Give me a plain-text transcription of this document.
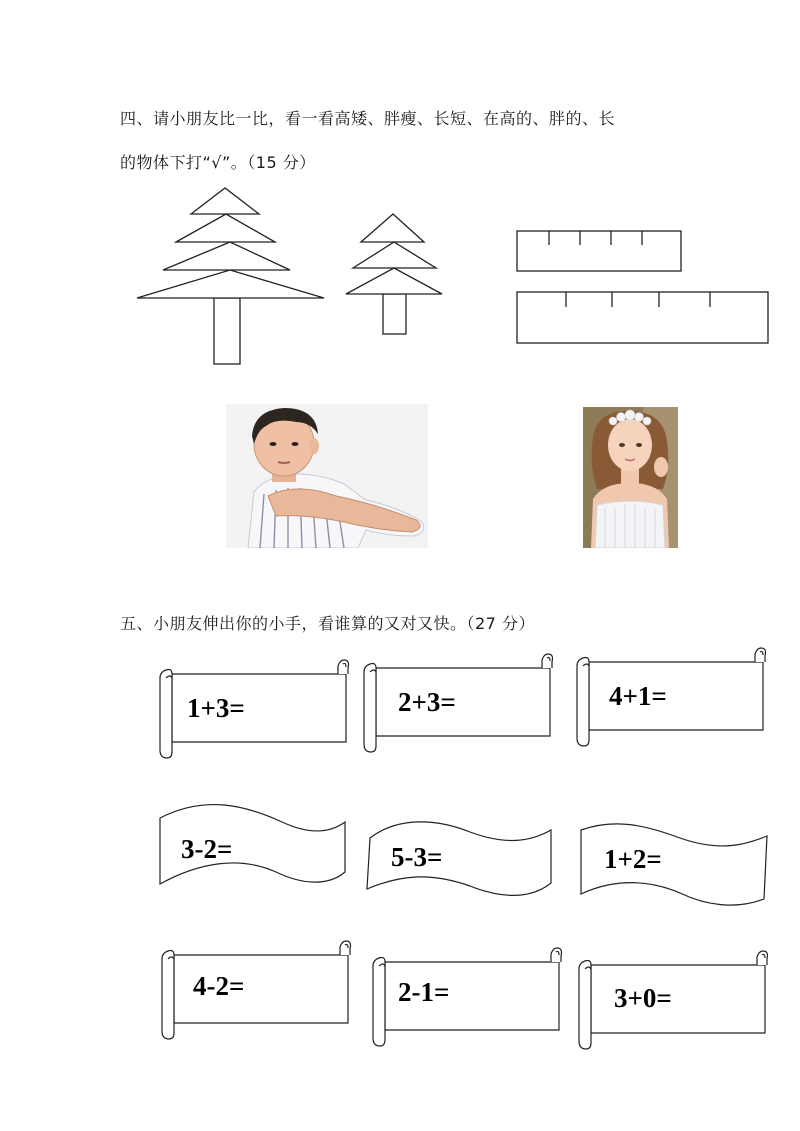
四、请小朋友比一比，看一看高矮、胖瘦、长短、在高的、胖的、长
的物体下打“√”。（15 分）
五、小朋友伸出你的小手，看谁算的又对又快。（27 分）
1+3=	2+3=	4+1=
3-2=	5-3=	1+2=
4-2=	2-1=	3+0=
